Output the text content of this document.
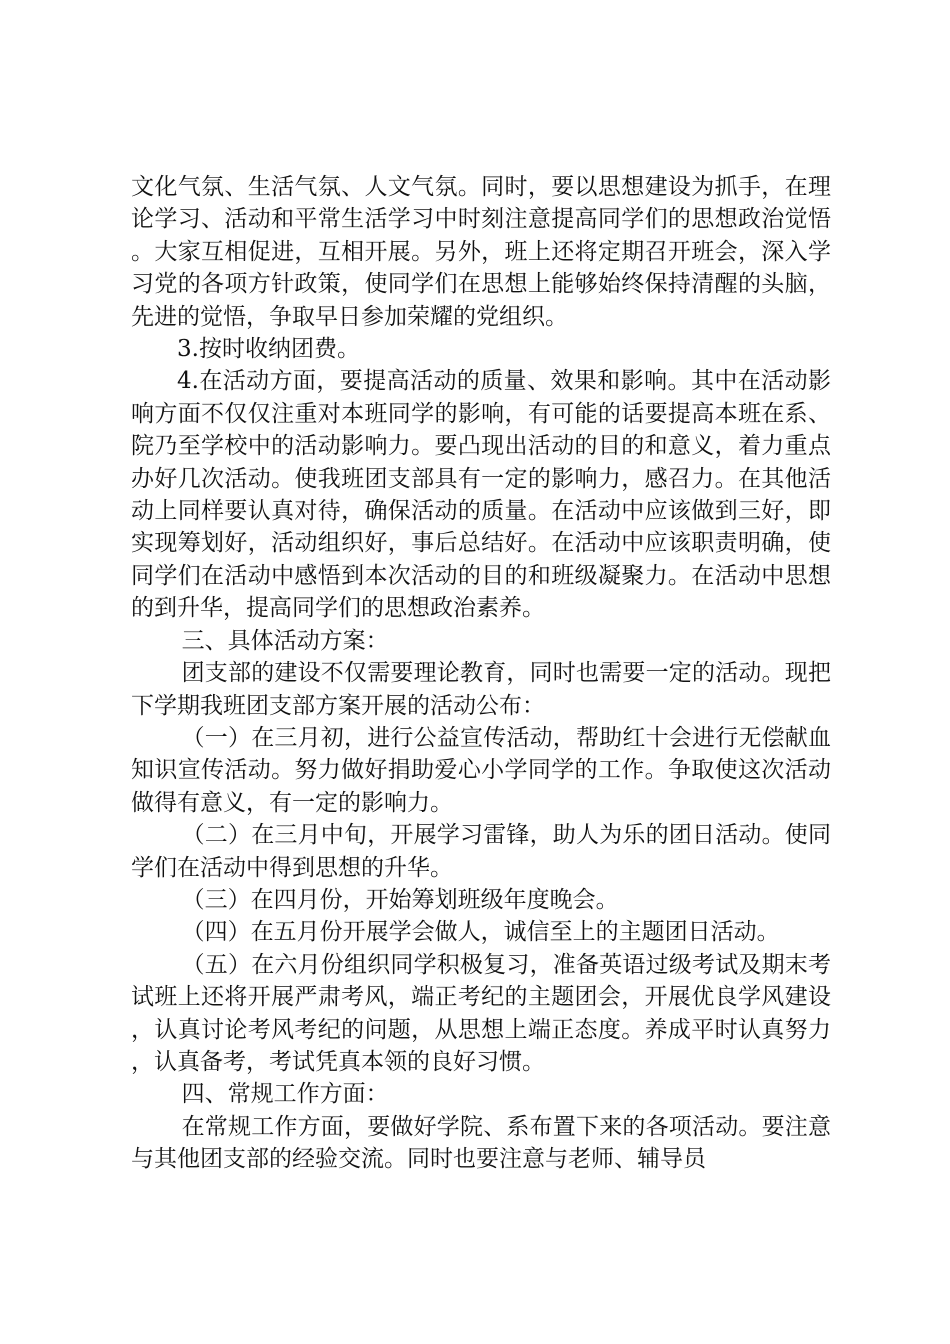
文化气氛、生活气氛、人文气氛。同时，要以思想建设为抓手，在理论学习、活动和平常生活学习中时刻注意提高同学们的思想政治觉悟。大家互相促进，互相开展。另外，班上还将定期召开班会，深入学习党的各项方针政策，使同学们在思想上能够始终保持清醒的头脑，先进的觉悟，争取早日参加荣耀的党组织。

3.按时收纳团费。

4.在活动方面，要提高活动的质量、效果和影响。其中在活动影响方面不仅仅注重对本班同学的影响，有可能的话要提高本班在系、院乃至学校中的活动影响力。要凸现出活动的目的和意义，着力重点办好几次活动。使我班团支部具有一定的影响力，感召力。在其他活动上同样要认真对待，确保活动的质量。在活动中应该做到三好，即实现筹划好，活动组织好，事后总结好。在活动中应该职责明确，使同学们在活动中感悟到本次活动的目的和班级凝聚力。在活动中思想的到升华，提高同学们的思想政治素养。

三、具体活动方案：

团支部的建设不仅需要理论教育，同时也需要一定的活动。现把下学期我班团支部方案开展的活动公布：

（一）在三月初，进行公益宣传活动，帮助红十会进行无偿献血知识宣传活动。努力做好捐助爱心小学同学的工作。争取使这次活动做得有意义，有一定的影响力。

（二）在三月中旬，开展学习雷锋，助人为乐的团日活动。使同学们在活动中得到思想的升华。

（三）在四月份，开始筹划班级年度晚会。

（四）在五月份开展学会做人，诚信至上的主题团日活动。

（五）在六月份组织同学积极复习，准备英语过级考试及期末考试班上还将开展严肃考风，端正考纪的主题团会，开展优良学风建设，认真讨论考风考纪的问题，从思想上端正态度。养成平时认真努力，认真备考，考试凭真本领的良好习惯。

四、常规工作方面：

在常规工作方面，要做好学院、系布置下来的各项活动。要注意与其他团支部的经验交流。同时也要注意与老师、辅导员
